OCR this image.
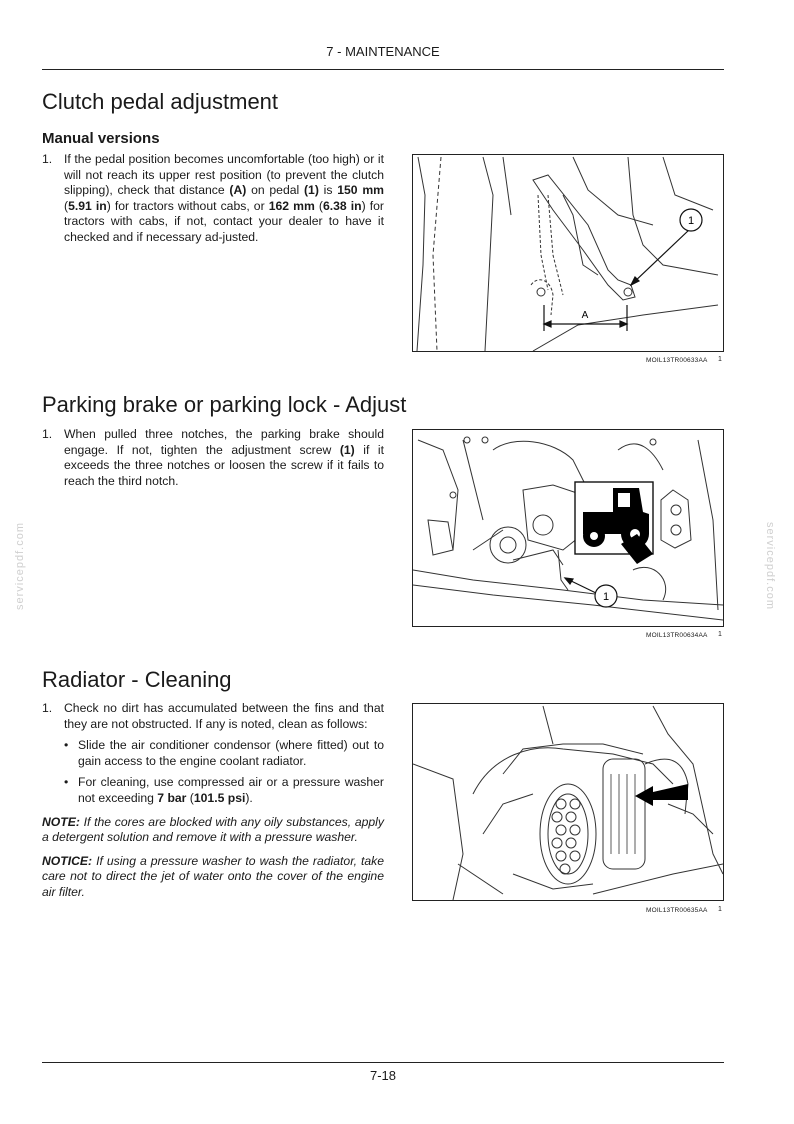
7 - MAINTENANCE
Clutch pedal adjustment
Manual versions

1. If the pedal position becomes uncomfortable (too high) or it will not reach its upper rest position (to prevent the clutch slipping), check that distance (A) on pedal (1) is 150 mm (5.91 in) for tractors without cabs, or 162 mm (6.38 in) for tractors with cabs, if not, contact your dealer to have it checked and if necessary ad-justed.

1
A
MOIL13TR00633AA 1
Parking brake or parking lock - Adjust

1. When pulled three notches, the parking brake should engage. If not, tighten the adjustment screw (1) if it exceeds the three notches or loosen the screw if it fails to reach the third notch.

1
MOIL13TR00634AA 1
Radiator - Cleaning

1. Check no dirt has accumulated between the fins and that they are not obstructed. If any is noted, clean as follows:

• Slide the air conditioner condensor (where fitted) out to gain access to the engine coolant radiator.

• For cleaning, use compressed air or a pressure washer not exceeding 7 bar (101.5 psi).

NOTE: If the cores are blocked with any oily substances, apply a detergent solution and remove it with a pressure washer.

NOTICE: If using a pressure washer to wash the radiator, take care not to direct the jet of water onto the cover of the engine air filter.

MOIL13TR00635AA 1
servicepdf.com	servicepdf.com
7-18
